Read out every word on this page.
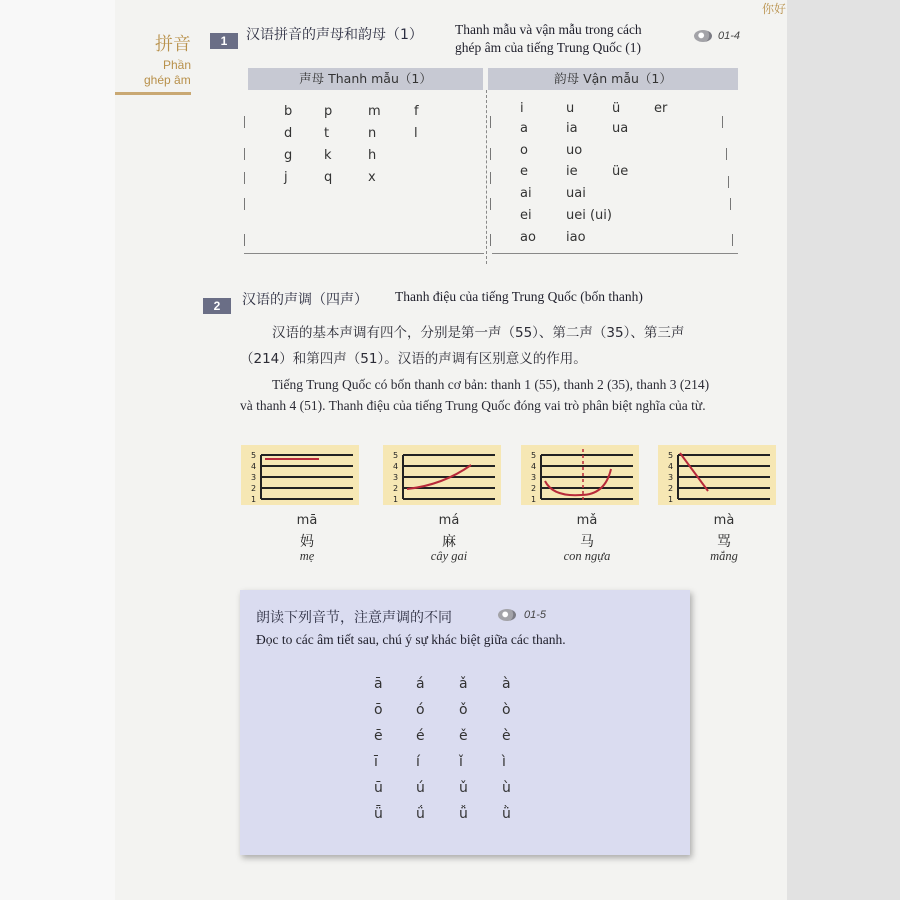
拼音
Phần
ghép âm
你好
1	汉语拼音的声母和韵母（1） Thanh mẫu và vận mẫu trong cách
ghép âm của tiếng Trung Quốc (1)
01-4
声母 Thanh mẫu（1）	韵母 Vận mẫu（1）
b p	m	f
d t	n	l
g k	h
j	q	x
i	u	ü	er
a	ia	ua
o	uo
e	ie	üe
ai	uai
ei	uei (ui)
ao iao
2	汉语的声调（四声） Thanh điệu của tiếng Trung Quốc (bốn thanh)
汉语的基本声调有四个，分别是第一声（55）、第二声（35）、第三声
（214）和第四声（51）。汉语的声调有区别意义的作用。
Tiếng Trung Quốc có bốn thanh cơ bản: thanh 1 (55), thanh 2 (35), thanh 3 (214)
và thanh 4 (51). Thanh điệu của tiếng Trung Quốc đóng vai trò phân biệt nghĩa của từ.
5
4
3
2
1
mā
妈
mẹ
5
4
3
2
1
má
麻
cây gai
5
4
3
2
1
mǎ
马
con ngựa
5
4
3
2
1
mà
骂
mắng
朗读下列音节，注意声调的不同	01-5
Đọc to các âm tiết sau, chú ý sự khác biệt giữa các thanh.
ā á ǎ à
ō ó ǒ ò
ē é ě è
ī	í	ǐ	ì
ū ú ǔ ù
ǖ ǘ ǚ ǜ
